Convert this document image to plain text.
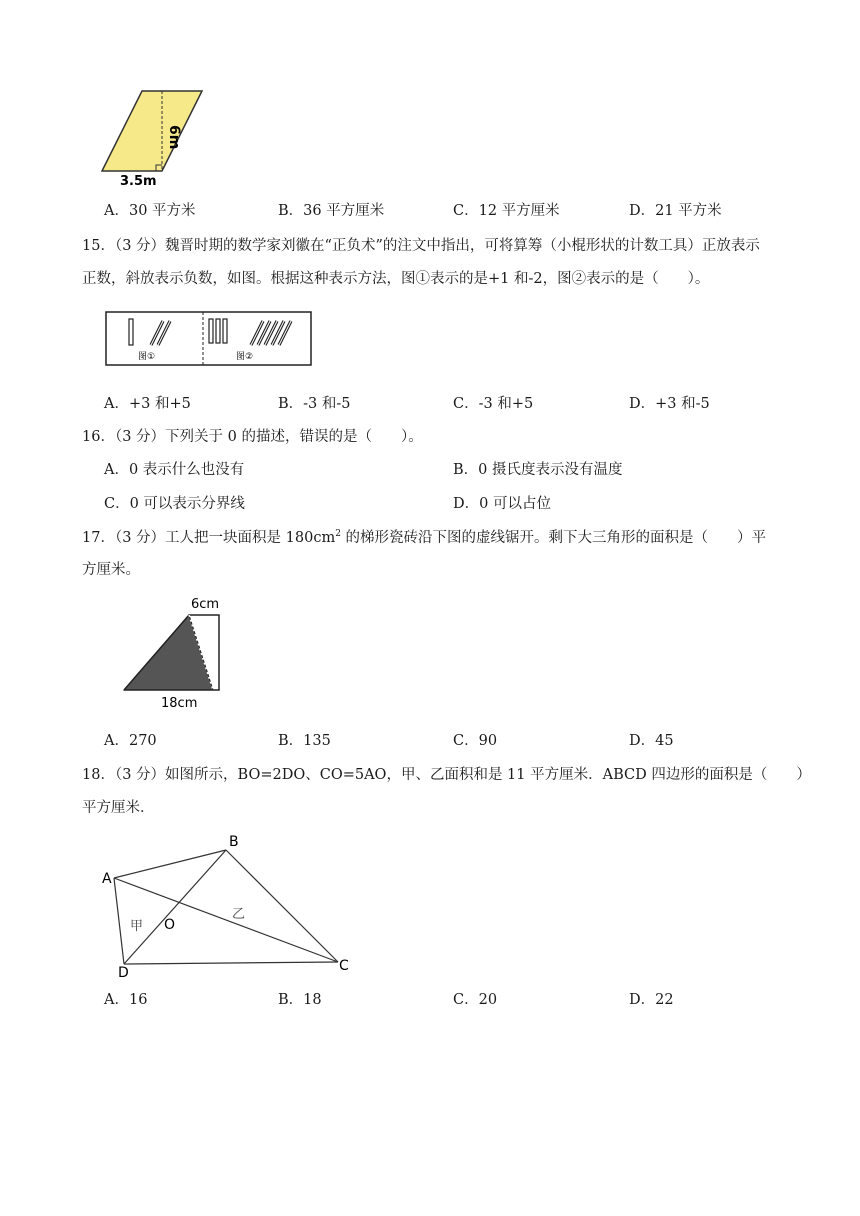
6m
3.5m
A．30 平方米	B．36 平方厘米	C．12 平方厘米	D．21 平方米
15．（3 分）魏晋时期的数学家刘徽在“正负术”的注文中指出，可将算筹（小棍形状的计数工具）正放表示
正数，斜放表示负数，如图。根据这种表示方法，图①表示的是+1 和-2，图②表示的是（　　）。
图①	图②
A．+3 和+5	B．-3 和-5	C．-3 和+5	D．+3 和-5
16．（3 分）下列关于 0 的描述，错误的是（　　）。
A．0 表示什么也没有	B．0 摄氏度表示没有温度
C．0 可以表示分界线	D．0 可以占位
17．（3 分）工人把一块面积是 $180cm^2$ 的梯形瓷砖沿下图的虚线锯开。剩下大三角形的面积是（　　）平
方厘米。
6cm
18cm
A．270	B．135	C．90	D．45
18．（3 分）如图所示，BO=2DO、CO=5AO，甲、乙面积和是 11 平方厘米．ABCD 四边形的面积是（　　）
平方厘米．
A
B
C
D
O
甲
乙
A．16	B．18	C．20	D．22
